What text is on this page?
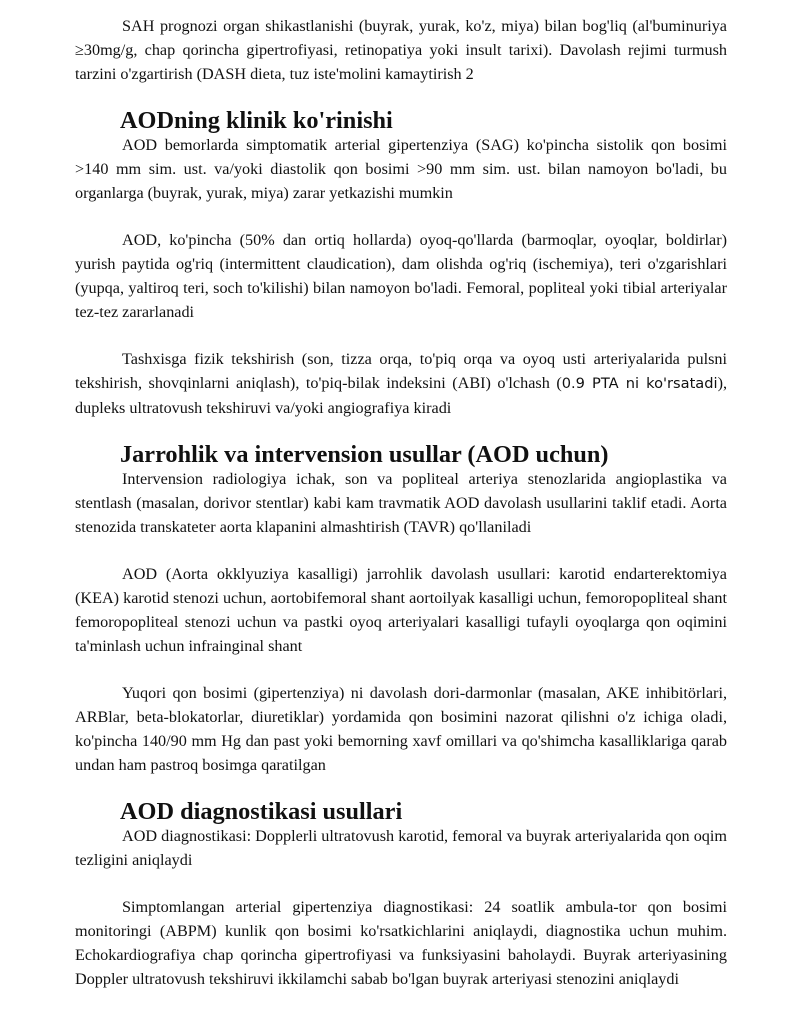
SAH prognozi organ shikastlanishi (buyrak, yurak, ko'z, miya) bilan bog'liq (al'buminuriya ≥30mg/g, chap qorincha gipertrofiyasi, retinopatiya yoki insult tarixi). Davolash rejimi turmush tarzini o'zgartirish (DASH dieta, tuz iste'molini kamaytirish 2

AODning klinik ko'rinishi

AOD bemorlarda simptomatik arterial gipertenziya (SAG) ko'pincha sistolik qon bosimi >140 mm sim. ust. va/yoki diastolik qon bosimi >90 mm sim. ust. bilan namoyon bo'ladi, bu organlarga (buyrak, yurak, miya) zarar yetkazishi mumkin

AOD, ko'pincha (50% dan ortiq hollarda) oyoq-qo'llarda (barmoqlar, oyoqlar, boldirlar) yurish paytida og'riq (intermittent claudication), dam olishda og'riq (ischemiya), teri o'zgarishlari (yupqa, yaltiroq teri, soch to'kilishi) bilan namoyon bo'ladi. Femoral, popliteal yoki tibial arteriyalar tez-tez zararlanadi

Tashxisga fizik tekshirish (son, tizza orqa, to'piq orqa va oyoq usti arteriyalarida pulsni tekshirish, shovqinlarni aniqlash), to'piq-bilak indeksini (ABI) o'lchash (0.9 PTA ni ko'rsatadi), dupleks ultratovush tekshiruvi va/yoki angiografiya kiradi

Jarrohlik va intervension usullar (AOD uchun)

Intervension radiologiya ichak, son va popliteal arteriya stenozlarida angioplastika va stentlash (masalan, dorivor stentlar) kabi kam travmatik AOD davolash usullarini taklif etadi. Aorta stenozida transkateter aorta klapanini almashtirish (TAVR) qo'llaniladi

AOD (Aorta okklyuziya kasalligi) jarrohlik davolash usullari: karotid endarterektomiya (KEA) karotid stenozi uchun, aortobifemoral shant aortoilyak kasalligi uchun, femoropopliteal shant femoropopliteal stenozi uchun va pastki oyoq arteriyalari kasalligi tufayli oyoqlarga qon oqimini ta'minlash uchun infrainginal shant

Yuqori qon bosimi (gipertenziya) ni davolash dori-darmonlar (masalan, AKE inhibitörlari, ARBlar, beta-blokatorlar, diuretiklar) yordamida qon bosimini nazorat qilishni o'z ichiga oladi, ko'pincha 140/90 mm Hg dan past yoki bemorning xavf omillari va qo'shimcha kasalliklariga qarab undan ham pastroq bosimga qaratilgan

AOD diagnostikasi usullari

AOD diagnostikasi: Dopplerli ultratovush karotid, femoral va buyrak arteriyalarida qon oqim tezligini aniqlaydi

Simptomlangan arterial gipertenziya diagnostikasi: 24 soatlik ambula-tor qon bosimi monitoringi (ABPM) kunlik qon bosimi ko'rsatkichlarini aniqlaydi, diagnostika uchun muhim. Echokardiografiya chap qorincha gipertrofiyasi va funksiyasini baholaydi. Buyrak arteriyasining Doppler ultratovush tekshiruvi ikkilamchi sabab bo'lgan buyrak arteriyasi stenozini aniqlaydi
